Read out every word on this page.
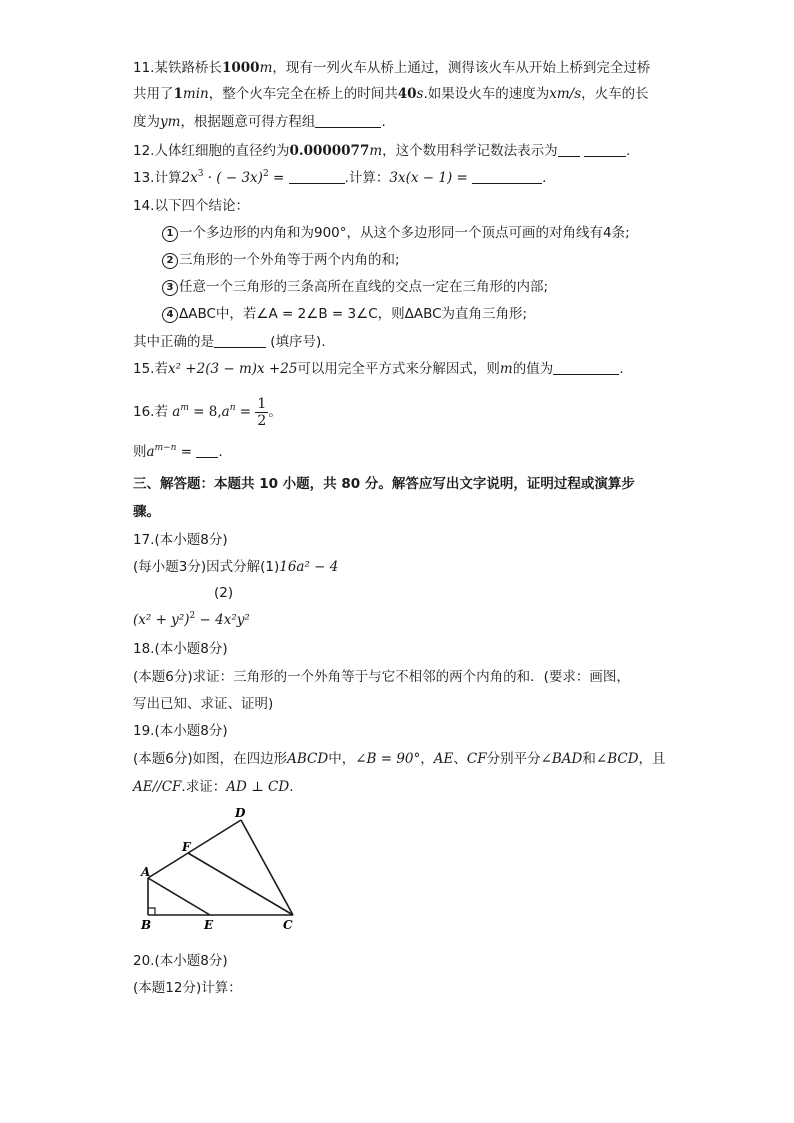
11.某铁路桥长1000m，现有一列火车从桥上通过，测得该火车从开始上桥到完全过桥
共用了1min，整个火车完全在桥上的时间共40s.如果设火车的速度为xm/s，火车的长
度为ym，根据题意可得方程组	.
12.人体红细胞的直径约为0.0000077m，这个数用科学记数法表示为	.
13.计算$2x^3$ · ( − 3x)$^2$ =	.计算：3x(x − 1) =	.
14.以下四个结论：
1 一个多边形的内角和为900°，从这个多边形同一个顶点可画的对角线有4条;
2 三角形的一个外角等于两个内角的和;
3 任意一个三角形的三条高所在直线的交点一定在三角形的内部;
4 ΔABC中，若∠A = 2∠B = 3∠C，则ΔABC为直角三角形;
其中正确的是	(填序号)．
15.若x² +2(3 − m)x +25可以用完全平方式来分解因式，则m的值为	.
16.若 $a^m = 8,a^n = \frac{1}{2}$ 。
则$a^{m-n}$ = .
三、解答题：本题共 10 小题，共 80 分。解答应写出文字说明，证明过程或演算步
骤。
17.(本小题8分)
(每小题3分)因式分解(1)16a² − 4
(2)
$(x^2 + y^2)^2 - 4x^2y^2$
18.(本小题8分)
(本题6分)求证：三角形的一个外角等于与它不相邻的两个内角的和．(要求：画图，
写出已知、求证、证明)
19.(本小题8分)
(本题6分)如图，在四边形ABCD中，∠B = 90°，AE、CF分别平分∠BAD和∠BCD，且
AE//CF.求证：AD ⊥ CD.
D
F
A
B	E	C
20.(本小题8分)
(本题12分)计算：
